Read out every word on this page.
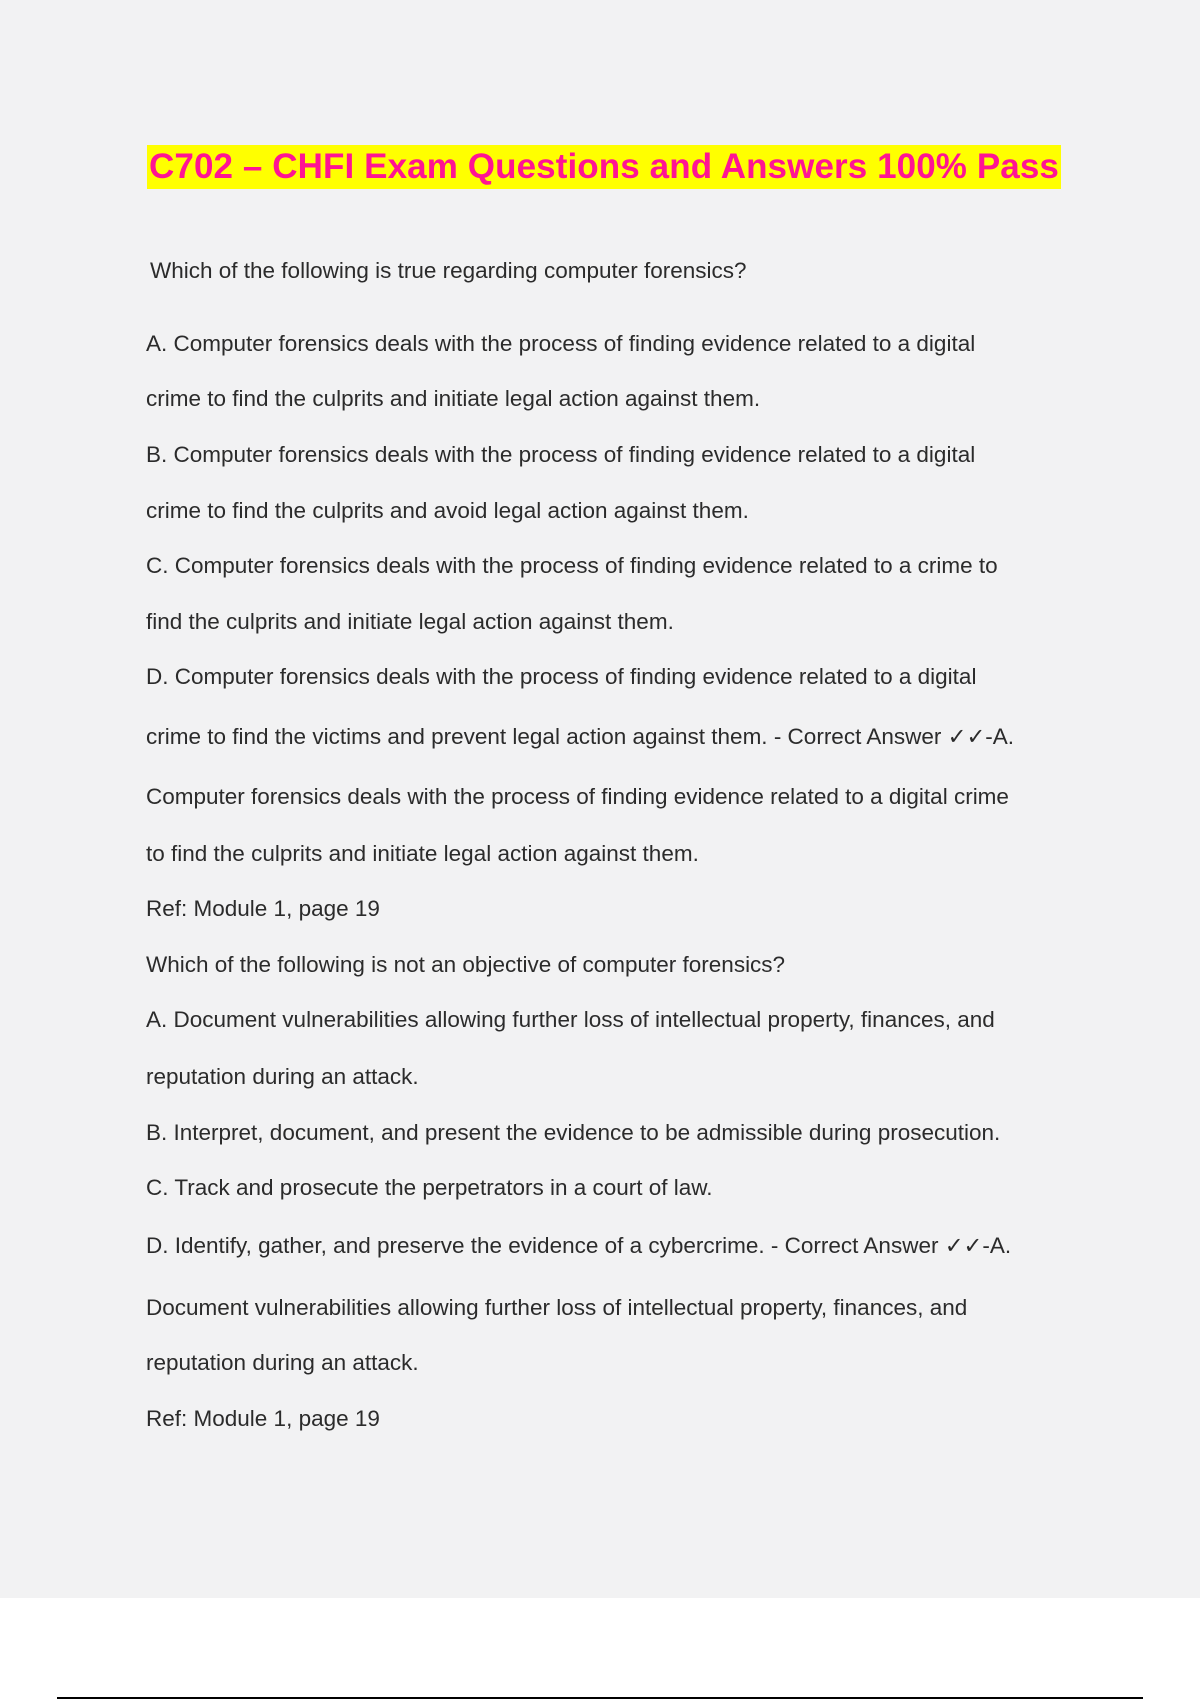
C702 – CHFI Exam Questions and Answers 100% Pass
Which of the following is true regarding computer forensics?
A. Computer forensics deals with the process of finding evidence related to a digital
crime to find the culprits and initiate legal action against them.
B. Computer forensics deals with the process of finding evidence related to a digital
crime to find the culprits and avoid legal action against them.
C. Computer forensics deals with the process of finding evidence related to a crime to
find the culprits and initiate legal action against them.
D. Computer forensics deals with the process of finding evidence related to a digital
crime to find the victims and prevent legal action against them. - Correct Answer ✓✓-A.
Computer forensics deals with the process of finding evidence related to a digital crime
to find the culprits and initiate legal action against them.
Ref: Module 1, page 19
Which of the following is not an objective of computer forensics?
A. Document vulnerabilities allowing further loss of intellectual property, finances, and
reputation during an attack.
B. Interpret, document, and present the evidence to be admissible during prosecution.
C. Track and prosecute the perpetrators in a court of law.
D. Identify, gather, and preserve the evidence of a cybercrime. - Correct Answer ✓✓-A.
Document vulnerabilities allowing further loss of intellectual property, finances, and
reputation during an attack.
Ref: Module 1, page 19
